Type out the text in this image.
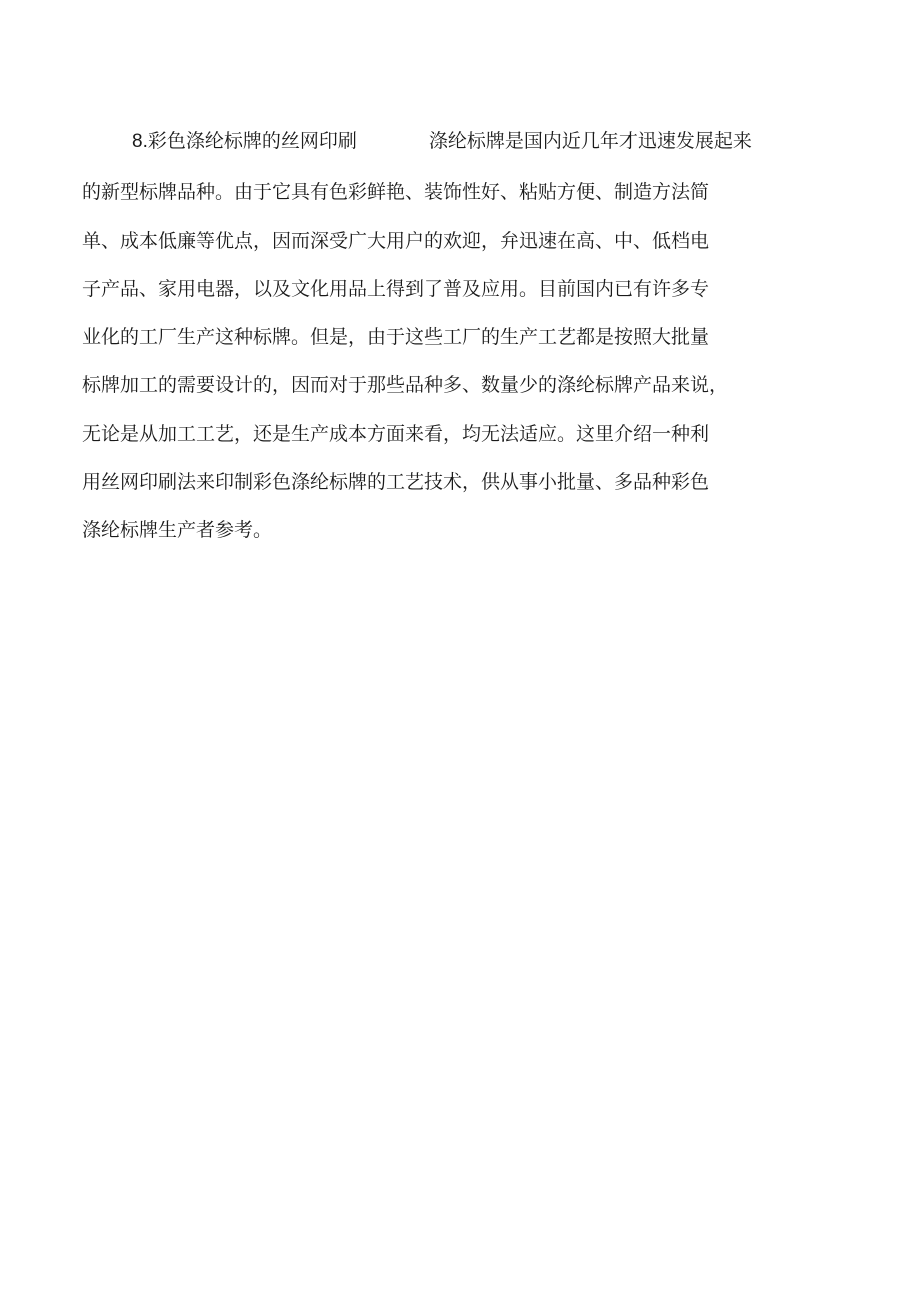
8.彩色涤纶标牌的丝网印刷	涤纶标牌是国内近几年才迅速发展起来
的新型标牌品种。由于它具有色彩鲜艳、装饰性好、粘贴方便、制造方法简
单、成本低廉等优点，因而深受广大用户的欢迎，弁迅速在高、中、低档电
子产品、家用电器，以及文化用品上得到了普及应用。目前国内已有许多专
业化的工厂生产这种标牌。但是，由于这些工厂的生产工艺都是按照大批量
标牌加工的需要设计的，因而对于那些品种多、数量少的涤纶标牌产品来说，
无论是从加工工艺，还是生产成本方面来看，均无法适应。这里介绍一种利
用丝网印刷法来印制彩色涤纶标牌的工艺技术，供从事小批量、多品种彩色
涤纶标牌生产者参考。
